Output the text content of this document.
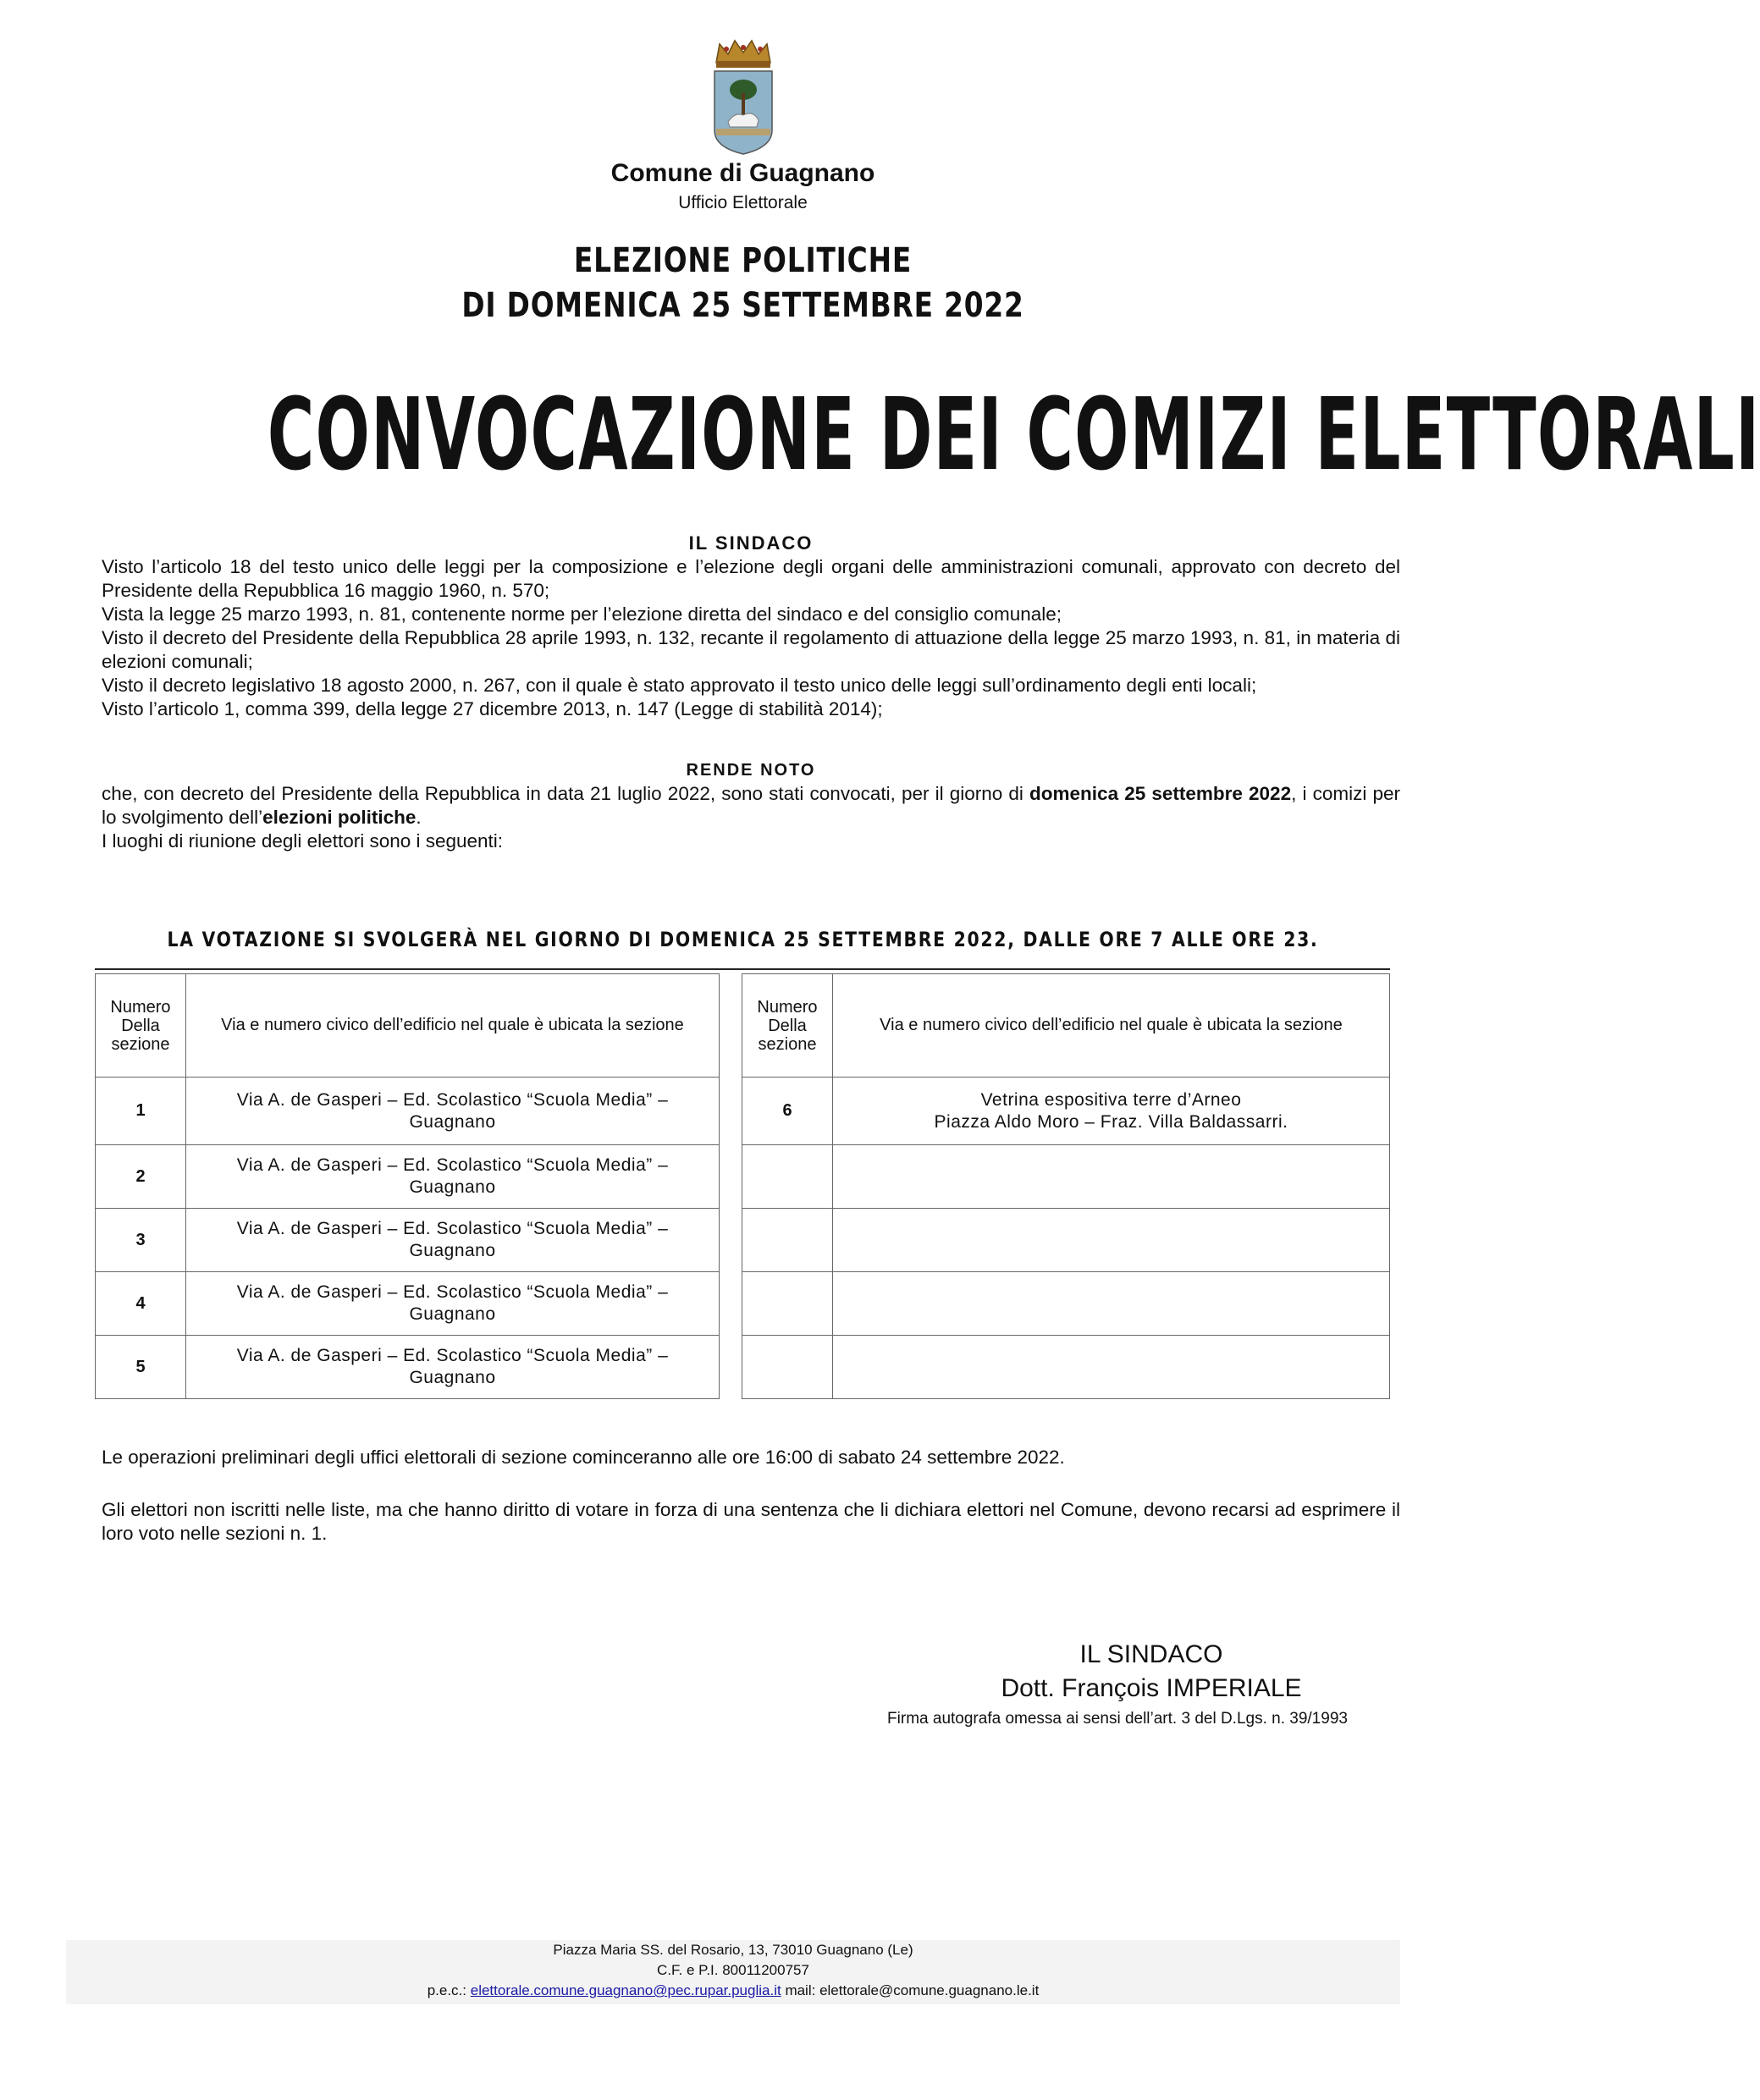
Comune di Guagnano
Ufficio Elettorale
ELEZIONE POLITICHE
DI DOMENICA 25 SETTEMBRE 2022
CONVOCAZIONE DEI COMIZI ELETTORALI
IL SINDACO

Visto l’articolo 18 del testo unico delle leggi per la composizione e l’elezione degli organi delle amministrazioni comunali, approvato con decreto del Presidente della Repubblica 16 maggio 1960, n. 570;

Vista la legge 25 marzo 1993, n. 81, contenente norme per l’elezione diretta del sindaco e del consiglio comunale;

Visto il decreto del Presidente della Repubblica 28 aprile 1993, n. 132, recante il regolamento di attuazione della legge 25 marzo 1993, n. 81, in materia di elezioni comunali;

Visto il decreto legislativo 18 agosto 2000, n. 267, con il quale è stato approvato il testo unico delle leggi sull’ordinamento degli enti locali;

Visto l’articolo 1, comma 399, della legge 27 dicembre 2013, n. 147 (Legge di stabilità 2014);

RENDE NOTO

che, con decreto del Presidente della Repubblica in data 21 luglio 2022, sono stati convocati, per il giorno di domenica 25 settembre 2022, i comizi per lo svolgimento dell’elezioni politiche.

I luoghi di riunione degli elettori sono i seguenti:

LA VOTAZIONE SI SVOLGERÀ NEL GIORNO DI DOMENICA 25 SETTEMBRE 2022, DALLE ORE 7 ALLE ORE 23.
Numero
Della
sezione	Via e numero civico dell’edificio nel quale è ubicata la sezione
1	Via A. de Gasperi – Ed. Scolastico “Scuola Media” –
Guagnano
2	Via A. de Gasperi – Ed. Scolastico “Scuola Media” –
Guagnano
3	Via A. de Gasperi – Ed. Scolastico “Scuola Media” –
Guagnano
4	Via A. de Gasperi – Ed. Scolastico “Scuola Media” –
Guagnano
5	Via A. de Gasperi – Ed. Scolastico “Scuola Media” –
Guagnano
Numero
Della
sezione	Via e numero civico dell’edificio nel quale è ubicata la sezione
6	Vetrina espositiva terre d’Arneo
Piazza Aldo Moro – Fraz. Villa Baldassarri.

Le operazioni preliminari degli uffici elettorali di sezione cominceranno alle ore 16:00 di sabato 24 settembre 2022.
Gli elettori non iscritti nelle liste, ma che hanno diritto di votare in forza di una sentenza che li dichiara elettori nel Comune, devono recarsi ad esprimere il loro voto nelle sezioni n. 1.
IL SINDACO
Dott. François IMPERIALE
Firma autografa omessa ai sensi dell’art. 3 del D.Lgs. n. 39/1993
Piazza Maria SS. del Rosario, 13, 73010 Guagnano (Le)
C.F. e P.I. 80011200757
p.e.c.: elettorale.comune.guagnano@pec.rupar.puglia.it mail: elettorale@comune.guagnano.le.it
